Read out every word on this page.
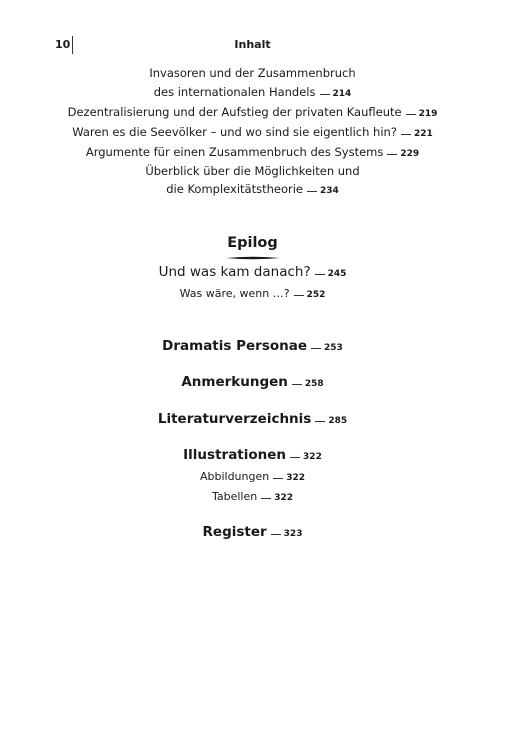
10	Inhalt
Invasoren und der Zusammenbruch
des internationalen Handels 214
Dezentralisierung und der Aufstieg der privaten Kaufleute 219
Waren es die Seevölker – und wo sind sie eigentlich hin? 221
Argumente für einen Zusammenbruch des Systems 229
Überblick über die Möglichkeiten und
die Komplexitätstheorie 234
Epilog
Und was kam danach? 245
Was wäre, wenn …? 252
Dramatis Personae 253
Anmerkungen 258
Literaturverzeichnis 285
Illustrationen 322
Abbildungen 322
Tabellen 322
Register 323
